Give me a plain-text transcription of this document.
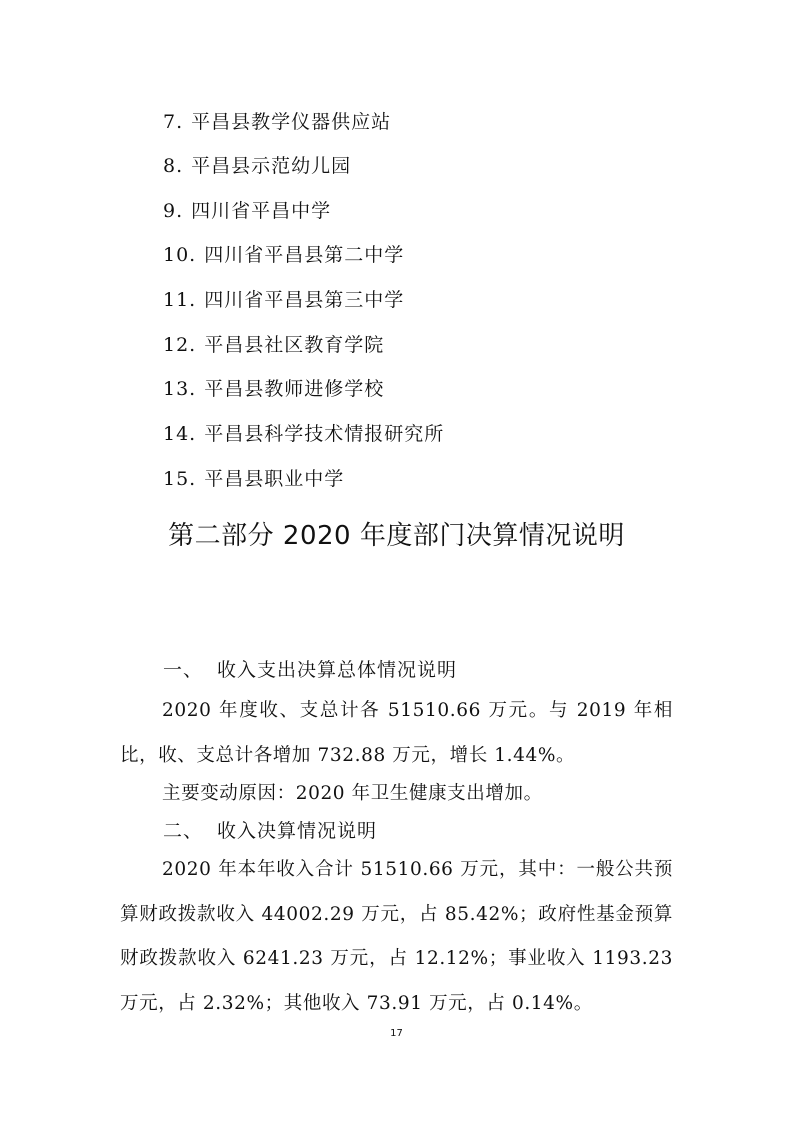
7. 平昌县教学仪器供应站
8. 平昌县示范幼儿园
9. 四川省平昌中学
10. 四川省平昌县第二中学
11. 四川省平昌县第三中学
12. 平昌县社区教育学院
13. 平昌县教师进修学校
14. 平昌县科学技术情报研究所
15. 平昌县职业中学
第二部分 2020 年度部门决算情况说明
一、 收入支出决算总体情况说明
2020 年度收、支总计各 51510.66 万元。与 2019 年相比，收、支总计各增加 732.88 万元，增长 1.44%。
主要变动原因：2020 年卫生健康支出增加。
二、 收入决算情况说明
2020 年本年收入合计 51510.66 万元，其中：一般公共预算财政拨款收入 44002.29 万元，占 85.42%；政府性基金预算财政拨款收入 6241.23 万元，占 12.12%；事业收入 1193.23 万元，占 2.32%；其他收入 73.91 万元，占 0.14%。
17
